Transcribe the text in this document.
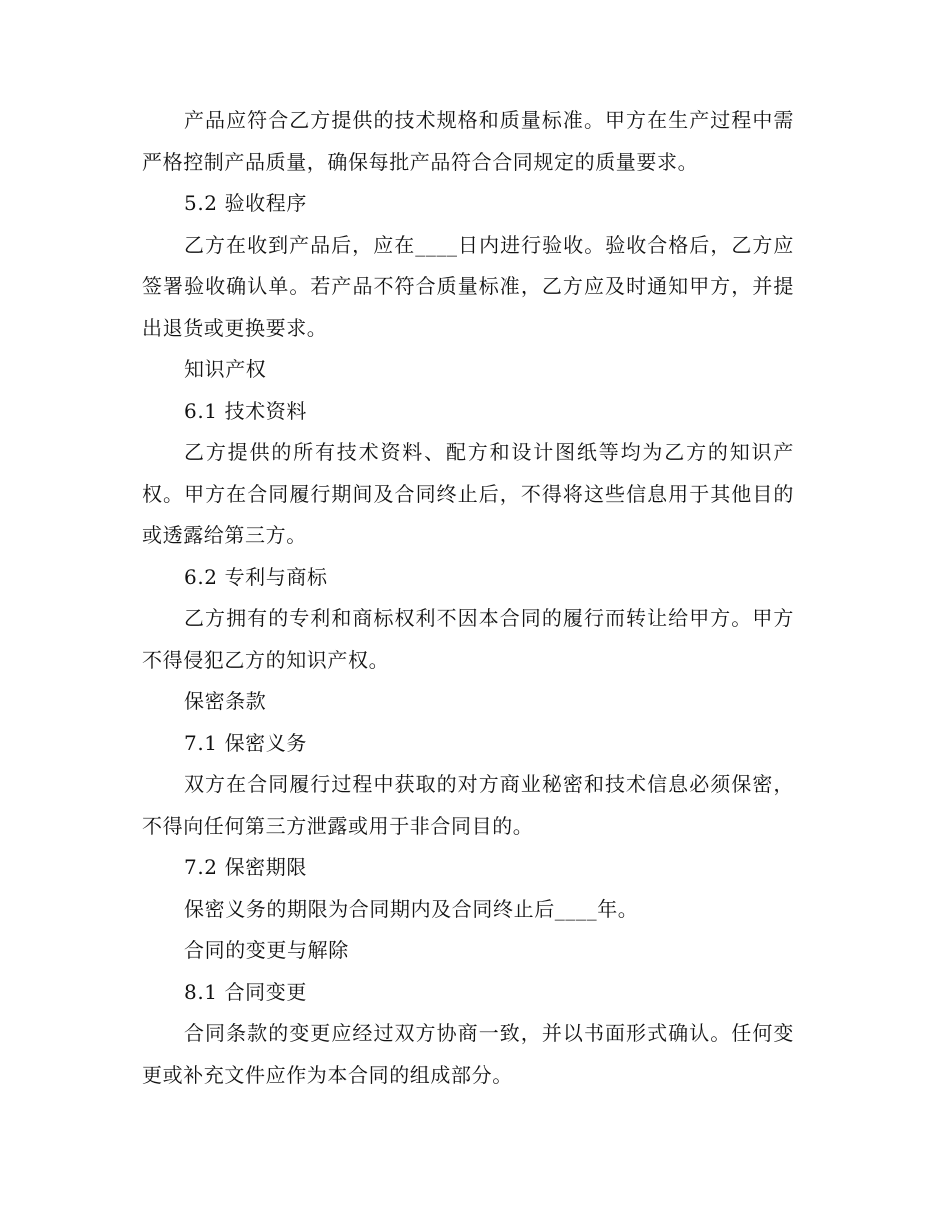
产品应符合乙方提供的技术规格和质量标准。甲方在生产过程中需严格控制产品质量，确保每批产品符合合同规定的质量要求。

5.2 验收程序

乙方在收到产品后，应在____日内进行验收。验收合格后，乙方应签署验收确认单。若产品不符合质量标准，乙方应及时通知甲方，并提出退货或更换要求。

知识产权

6.1 技术资料

乙方提供的所有技术资料、配方和设计图纸等均为乙方的知识产权。甲方在合同履行期间及合同终止后，不得将这些信息用于其他目的或透露给第三方。

6.2 专利与商标

乙方拥有的专利和商标权利不因本合同的履行而转让给甲方。甲方不得侵犯乙方的知识产权。

保密条款

7.1 保密义务

双方在合同履行过程中获取的对方商业秘密和技术信息必须保密，不得向任何第三方泄露或用于非合同目的。

7.2 保密期限

保密义务的期限为合同期内及合同终止后____年。

合同的变更与解除

8.1 合同变更

合同条款的变更应经过双方协商一致，并以书面形式确认。任何变更或补充文件应作为本合同的组成部分。
